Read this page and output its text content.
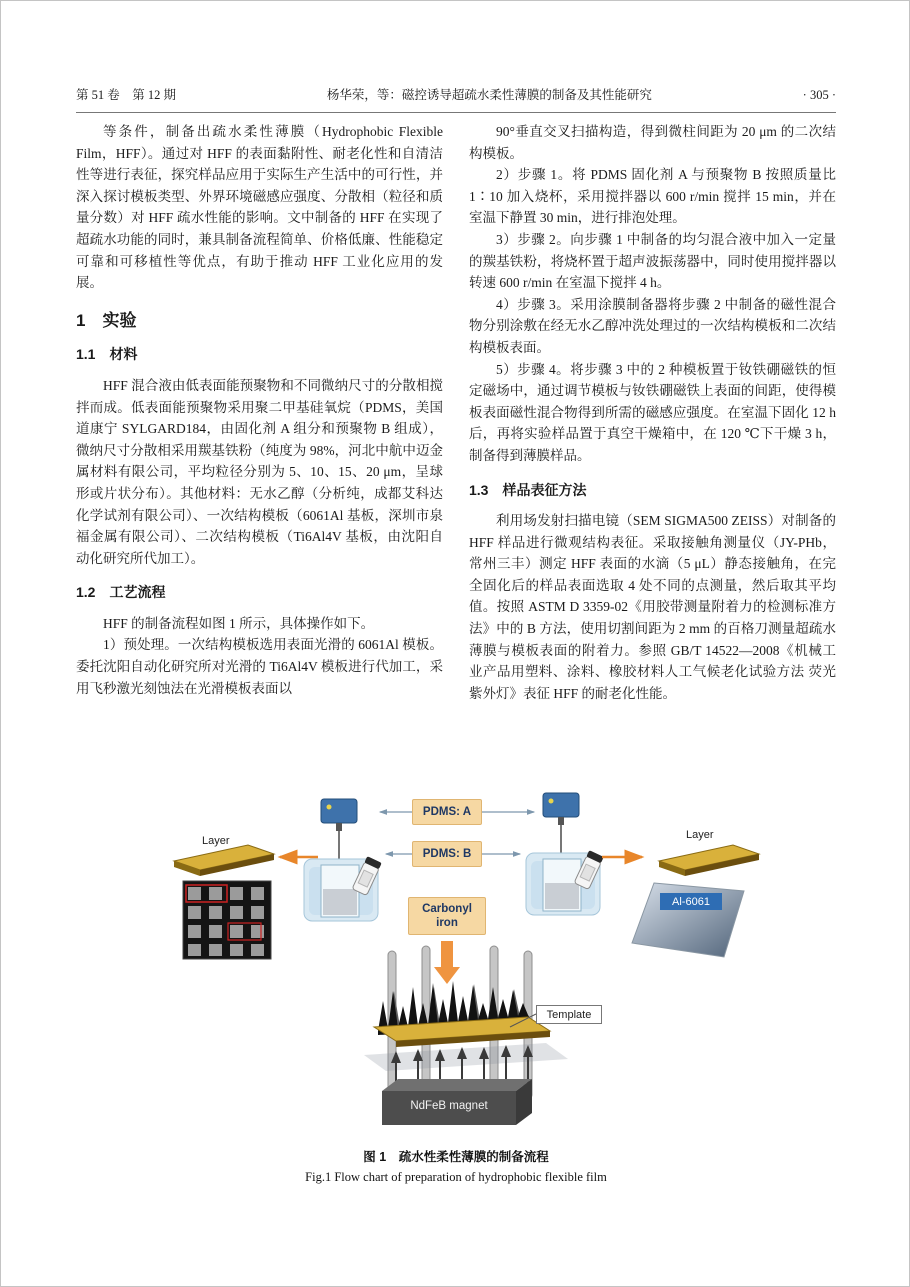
第 51 卷　第 12 期	杨华荣，等：磁控诱导超疏水柔性薄膜的制备及其性能研究	· 305 ·

等条件，制备出疏水柔性薄膜（Hydrophobic Flexible Film，HFF）。通过对 HFF 的表面黏附性、耐老化性和自清洁性等进行表征，探究样品应用于实际生产生活中的可行性，并深入探讨模板类型、外界环境磁感应强度、分散相（粒径和质量分数）对 HFF 疏水性能的影响。文中制备的 HFF 在实现了超疏水功能的同时，兼具制备流程简单、价格低廉、性能稳定可靠和可移植性等优点，有助于推动 HFF 工业化应用的发展。

1　实验
1.1　材料

HFF 混合液由低表面能预聚物和不同微纳尺寸的分散相搅拌而成。低表面能预聚物采用聚二甲基硅氧烷（PDMS，美国道康宁 SYLGARD184，由固化剂 A 组分和预聚物 B 组成），微纳尺寸分散相采用羰基铁粉（纯度为 98%，河北中航中迈金属材料有限公司，平均粒径分别为 5、10、15、20 μm，呈球形或片状分布）。其他材料：无水乙醇（分析纯，成都艾科达化学试剂有限公司）、一次结构模板（6061Al 基板，深圳市泉福金属有限公司）、二次结构模板（Ti6Al4V 基板，由沈阳自动化研究所代加工）。

1.2　工艺流程

HFF 的制备流程如图 1 所示，具体操作如下。

1）预处理。一次结构模板选用表面光滑的 6061Al 模板。委托沈阳自动化研究所对光滑的 Ti6Al4V 模板进行代加工，采用飞秒激光刻蚀法在光滑模板表面以

90°垂直交叉扫描构造，得到微柱间距为 20 μm 的二次结构模板。

2）步骤 1。将 PDMS 固化剂 A 与预聚物 B 按照质量比 1∶10 加入烧杯，采用搅拌器以 600 r/min 搅拌 15 min，并在室温下静置 30 min，进行排泡处理。

3）步骤 2。向步骤 1 中制备的均匀混合液中加入一定量的羰基铁粉，将烧杯置于超声波振荡器中，同时使用搅拌器以转速 600 r/min 在室温下搅拌 4 h。

4）步骤 3。采用涂膜制备器将步骤 2 中制备的磁性混合物分别涂敷在经无水乙醇冲洗处理过的一次结构模板和二次结构模板表面。

5）步骤 4。将步骤 3 中的 2 种模板置于钕铁硼磁铁的恒定磁场中，通过调节模板与钕铁硼磁铁上表面的间距，使得模板表面磁性混合物得到所需的磁感应强度。在室温下固化 12 h 后，再将实验样品置于真空干燥箱中，在 120 ℃下干燥 3 h，制备得到薄膜样品。

1.3　样品表征方法

利用场发射扫描电镜（SEM SIGMA500 ZEISS）对制备的 HFF 样品进行微观结构表征。采取接触角测量仪（JY-PHb，常州三丰）测定 HFF 表面的水滴（5 μL）静态接触角，在完全固化后的样品表面选取 4 处不同的点测量，然后取其平均值。按照 ASTM D 3359-02《用胶带测量附着力的检测标准方法》中的 B 方法，使用切割间距为 2 mm 的百格刀测量超疏水薄膜与模板表面的附着力。参照 GB/T 14522—2008《机械工业产品用塑料、涂料、橡胶材料人工气候老化试验方法 荧光紫外灯》表征 HFF 的耐老化性能。

Layer
PDMS: A
PDMS: B
Carbonyl iron
Layer
Al-6061
Template
NdFeB magnet
图 1　疏水性柔性薄膜的制备流程
Fig.1 Flow chart of preparation of hydrophobic flexible film
